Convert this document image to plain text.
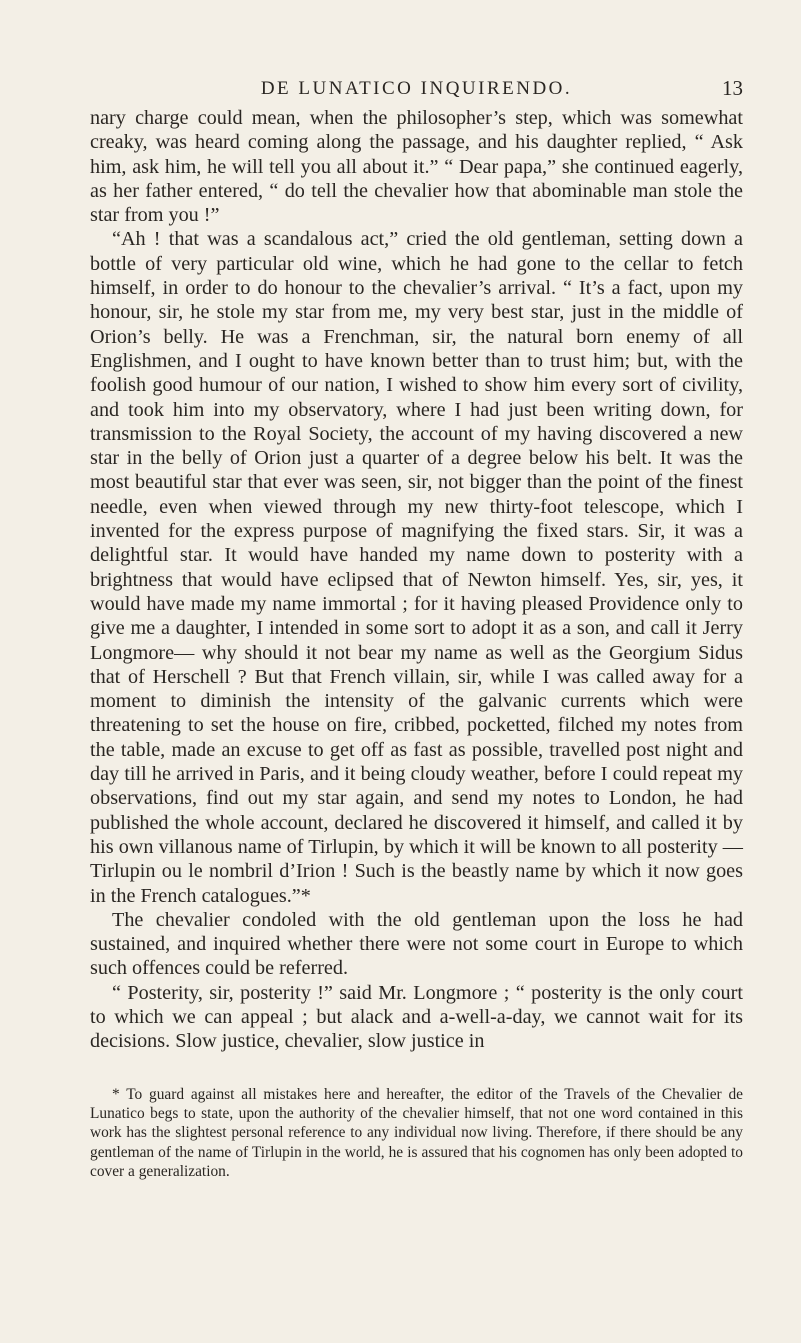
DE LUNATICO INQUIRENDO.	13

nary charge could mean, when the philosopher’s step, which was somewhat creaky, was heard coming along the passage, and his daughter replied, “ Ask him, ask him, he will tell you all about it.” “ Dear papa,” she continued eagerly, as her father entered, “ do tell the chevalier how that abominable man stole the star from you !”

“Ah ! that was a scandalous act,” cried the old gentleman, setting down a bottle of very particular old wine, which he had gone to the cellar to fetch himself, in order to do honour to the chevalier’s arrival. “ It’s a fact, upon my honour, sir, he stole my star from me, my very best star, just in the middle of Orion’s belly. He was a Frenchman, sir, the natural born enemy of all Englishmen, and I ought to have known better than to trust him; but, with the foolish good humour of our nation, I wished to show him every sort of civility, and took him into my observatory, where I had just been writing down, for transmission to the Royal Society, the account of my having discovered a new star in the belly of Orion just a quarter of a degree below his belt. It was the most beautiful star that ever was seen, sir, not bigger than the point of the finest needle, even when viewed through my new thirty-foot telescope, which I invented for the express purpose of magnifying the fixed stars. Sir, it was a delightful star. It would have handed my name down to posterity with a brightness that would have eclipsed that of Newton himself. Yes, sir, yes, it would have made my name immortal ; for it having pleased Providence only to give me a daughter, I intended in some sort to adopt it as a son, and call it Jerry Longmore— why should it not bear my name as well as the Georgium Sidus that of Herschell ? But that French villain, sir, while I was called away for a moment to diminish the intensity of the galvanic currents which were threatening to set the house on fire, cribbed, pocketted, filched my notes from the table, made an excuse to get off as fast as possible, travelled post night and day till he arrived in Paris, and it being cloudy weather, before I could repeat my observations, find out my star again, and send my notes to London, he had published the whole account, declared he discovered it himself, and called it by his own villanous name of Tirlupin, by which it will be known to all posterity —Tirlupin ou le nombril d’Irion ! Such is the beastly name by which it now goes in the French catalogues.”*

The chevalier condoled with the old gentleman upon the loss he had sustained, and inquired whether there were not some court in Europe to which such offences could be referred.

“ Posterity, sir, posterity !” said Mr. Longmore ; “ posterity is the only court to which we can appeal ; but alack and a-well-a-day, we cannot wait for its decisions. Slow justice, chevalier, slow justice in

* To guard against all mistakes here and hereafter, the editor of the Travels of the Chevalier de Lunatico begs to state, upon the authority of the chevalier himself, that not one word contained in this work has the slightest personal reference to any individual now living. Therefore, if there should be any gentleman of the name of Tirlupin in the world, he is assured that his cognomen has only been adopted to cover a generalization.
